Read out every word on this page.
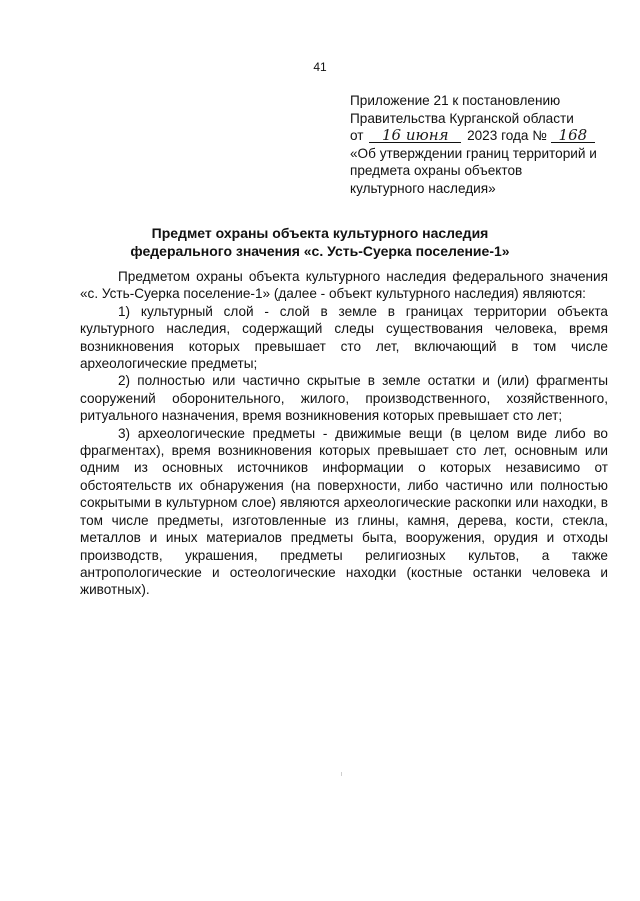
41
Приложение 21 к постановлению
Правительства Курганской области
от 16 июня 2023 года № 168
«Об утверждении границ территорий и
предмета охраны объектов
культурного наследия»
Предмет охраны объекта культурного наследия
федерального значения «с. Усть-Суерка поселение-1»

Предметом охраны объекта культурного наследия федерального значения «с. Усть-Суерка поселение-1» (далее - объект культурного наследия) являются:

1) культурный слой - слой в земле в границах территории объекта культурного наследия, содержащий следы существования человека, время возникновения которых превышает сто лет, включающий в том числе археологические предметы;

2) полностью или частично скрытые в земле остатки и (или) фрагменты сооружений оборонительного, жилого, производственного, хозяйственного, ритуального назначения, время возникновения которых превышает сто лет;

3) археологические предметы - движимые вещи (в целом виде либо во фрагментах), время возникновения которых превышает сто лет, основным или одним из основных источников информации о которых независимо от обстоятельств их обнаружения (на поверхности, либо частично или полностью сокрытыми в культурном слое) являются археологические раскопки или находки, в том числе предметы, изготовленные из глины, камня, дерева, кости, стекла, металлов и иных материалов предметы быта, вооружения, орудия и отходы производств, украшения, предметы религиозных культов, а также антропологические и остеологические находки (костные останки человека и животных).
